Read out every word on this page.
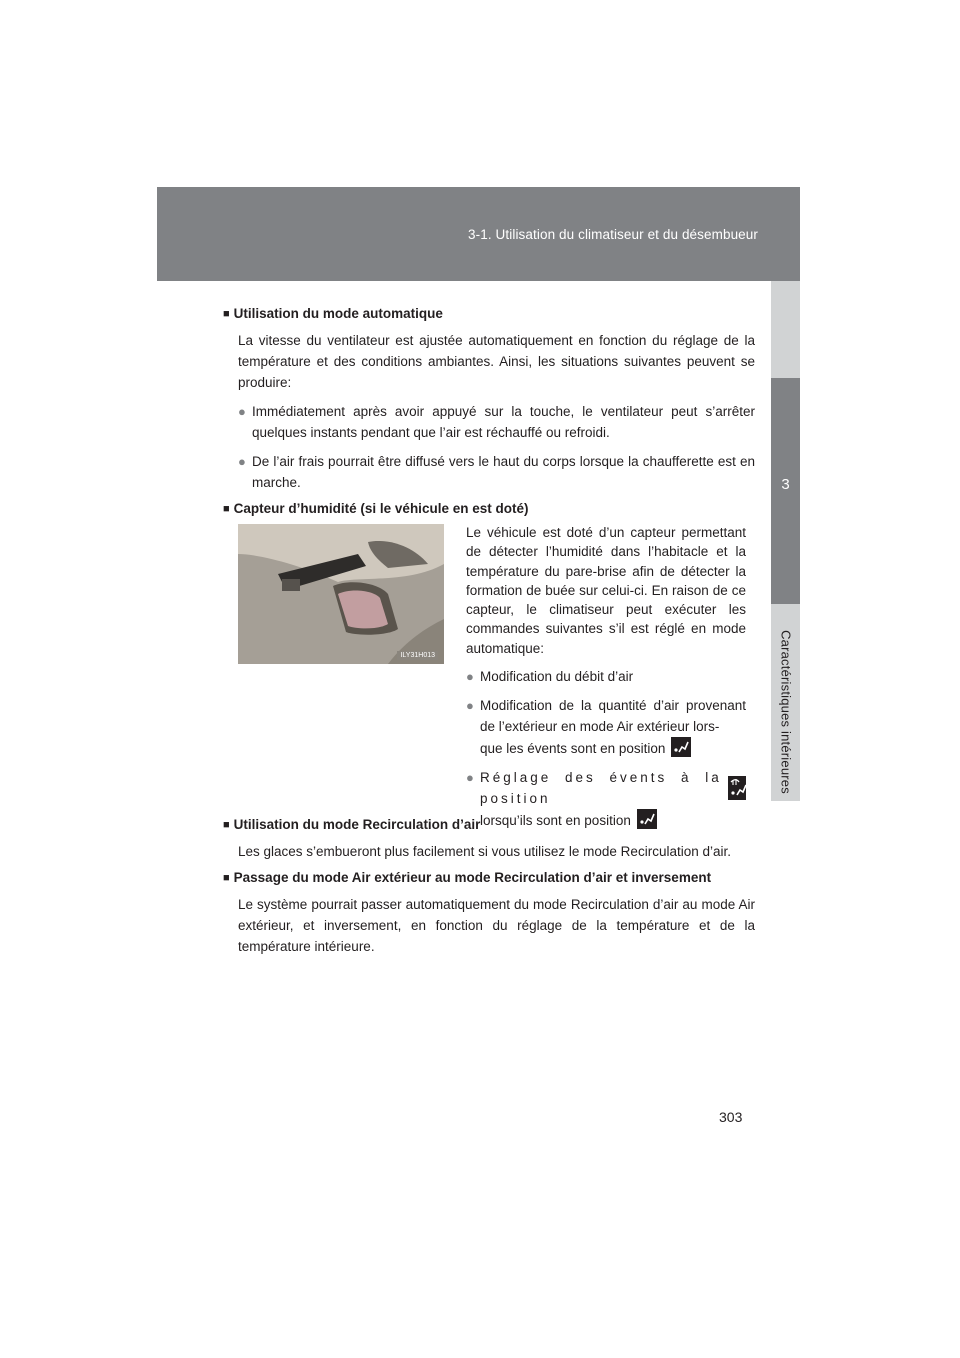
3-1. Utilisation du climatiseur et du désembueur
3
Caractéristiques intérieures
■ Utilisation du mode automatique

La vitesse du ventilateur est ajustée automatiquement en fonction du réglage de la température et des conditions ambiantes. Ainsi, les situations suivantes peuvent se produire:

● Immédiatement après avoir appuyé sur la touche, le ventilateur peut s’arrêter quelques instants pendant que l’air est réchauffé ou refroidi.
● De l’air frais pourrait être diffusé vers le haut du corps lorsque la chaufferette est en marche.
■ Capteur d’humidité (si le véhicule en est doté)
ILY31H013

Le véhicule est doté d’un capteur permettant de détecter l’humidité dans l’habitacle et la température du pare-brise afin de détecter la formation de buée sur celui-ci. En raison de ce capteur, le climatiseur peut exécuter les commandes suivantes s’il est réglé en mode automatique:

● Modification du débit d’air
● Modification de la quantité d’air provenant de l’extérieur en mode Air extérieur lors-
que les évents sont en position
● Réglage des évents à la position
lorsqu’ils sont en position
■ Utilisation du mode Recirculation d’air

Les glaces s’embueront plus facilement si vous utilisez le mode Recirculation d’air.

■ Passage du mode Air extérieur au mode Recirculation d’air et inversement

Le système pourrait passer automatiquement du mode Recirculation d’air au mode Air extérieur, et inversement, en fonction du réglage de la température et de la température intérieure.

303
